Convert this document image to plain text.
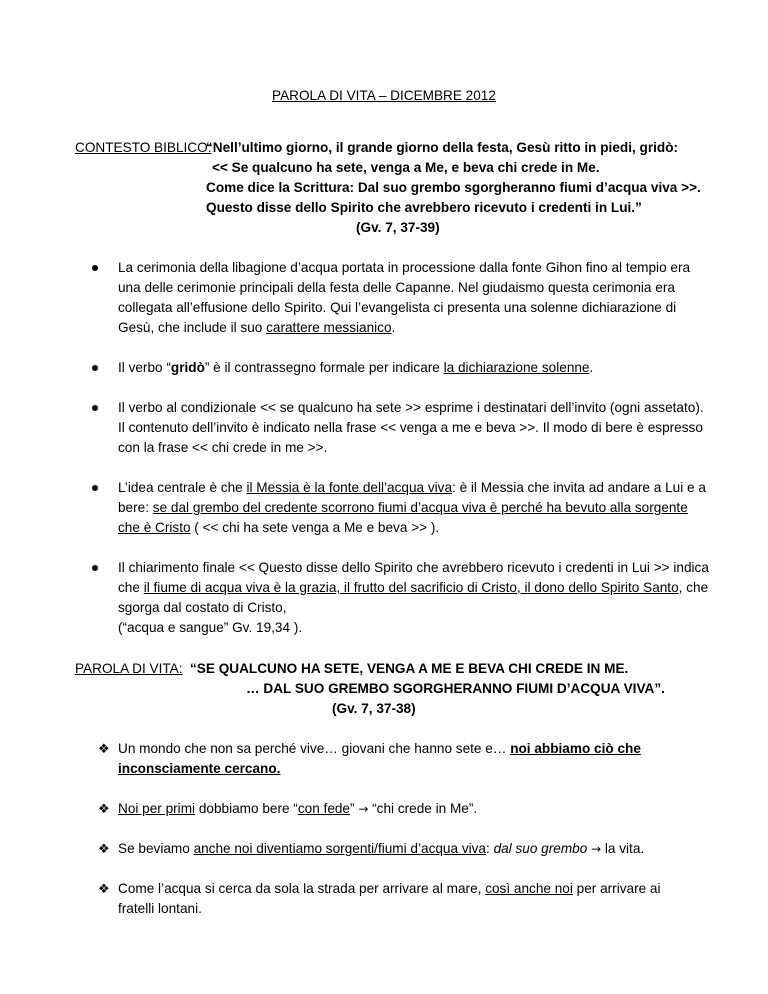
PAROLA DI VITA – DICEMBRE 2012
CONTESTO BIBLICO:
“Nell’ultimo giorno, il grande giorno della festa, Gesù ritto in piedi, gridò:
<< Se qualcuno ha sete, venga a Me, e beva chi crede in Me.
Come dice la Scrittura: Dal suo grembo sgorgheranno fiumi d’acqua viva >>.
Questo disse dello Spirito che avrebbero ricevuto i credenti in Lui.”
(Gv. 7, 37-39)
La cerimonia della libagione d’acqua portata in processione dalla fonte Gihon fino al tempio era una delle cerimonie principali della festa delle Capanne. Nel giudaismo questa cerimonia era collegata all’effusione dello Spirito. Qui l’evangelista ci presenta una solenne dichiarazione di Gesù, che include il suo carattere messianico.
Il verbo “gridò” è il contrassegno formale per indicare la dichiarazione solenne.
Il verbo al condizionale << se qualcuno ha sete >> esprime i destinatari dell’invito (ogni assetato). Il contenuto dell’invito è indicato nella frase << venga a me e beva >>. Il modo di bere è espresso con la frase << chi crede in me >>.
L’idea centrale è che il Messia è la fonte dell’acqua viva: è il Messia che invita ad andare a Lui e a bere: se dal grembo del credente scorrono fiumi d’acqua viva è perché ha bevuto alla sorgente che è Cristo ( << chi ha sete venga a Me e beva >> ).
Il chiarimento finale << Questo disse dello Spirito che avrebbero ricevuto i credenti in Lui >> indica che il fiume di acqua viva è la grazia, il frutto del sacrificio di Cristo, il dono dello Spirito Santo, che sgorga dal costato di Cristo,
(“acqua e sangue” Gv. 19,34 ).
PAROLA DI VITA: “SE QUALCUNO HA SETE, VENGA A ME E BEVA CHI CREDE IN ME.
… DAL SUO GREMBO SGORGHERANNO FIUMI D’ACQUA VIVA”.
(Gv. 7, 37-38)
❖ Un mondo che non sa perché vive… giovani che hanno sete e… noi abbiamo ciò che inconsciamente cercano.
❖ Noi per primi dobbiamo bere “con fede” → “chi crede in Me”.
❖ Se beviamo anche noi diventiamo sorgenti/fiumi d’acqua viva: dal suo grembo → la vita.
❖ Come l’acqua si cerca da sola la strada per arrivare al mare, così anche noi per arrivare ai fratelli lontani.
